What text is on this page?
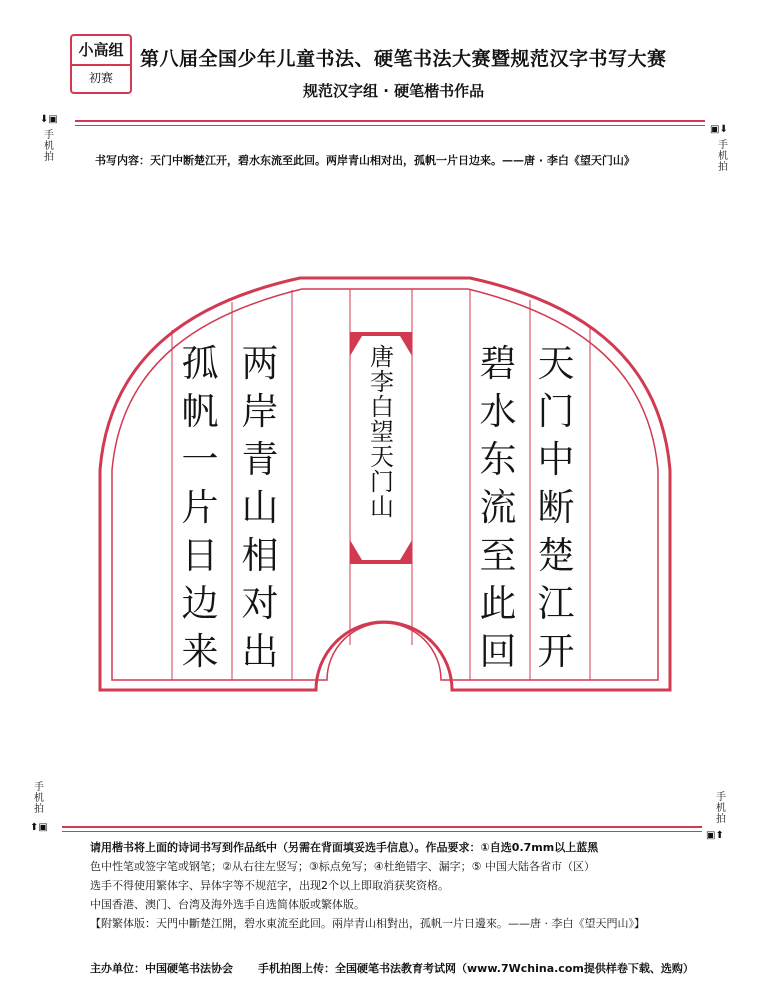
小高组
初赛
第八届全国少年儿童书法、硬笔书法大赛暨规范汉字书写大赛
规范汉字组 · 硬笔楷书作品
⬇▣
手机拍
▣⬇
手机拍
书写内容：天门中断楚江开，碧水东流至此回。两岸青山相对出，孤帆一片日边来。——唐 · 李白《望天门山》
天
门
中
断
楚
江
开
碧
水
东
流
至
此
回
两
岸
青
山
相
对
出
孤
帆
一
片
日
边
来
唐
李
白
望
天
门
山
手机拍
⬆▣
手机拍
▣⬆

请用楷书将上面的诗词书写到作品纸中（另需在背面填妥选手信息）。作品要求：①自选0.7mm以上蓝黑

色中性笔或签字笔或钢笔；②从右往左竖写；③标点免写；④杜绝错字、漏字；⑤ 中国大陆各省市（区）

选手不得使用繁体字、异体字等不规范字，出现2个以上即取消获奖资格。

中国香港、澳门、台湾及海外选手自选简体版或繁体版。

【附繁体版：天門中斷楚江開，碧水東流至此回。兩岸青山相對出，孤帆一片日邊來。——唐 · 李白《望天門山》】

主办单位：中国硬笔书法协会 手机拍图上传：全国硬笔书法教育考试网（www.7Wchina.com提供样卷下载、选购）
